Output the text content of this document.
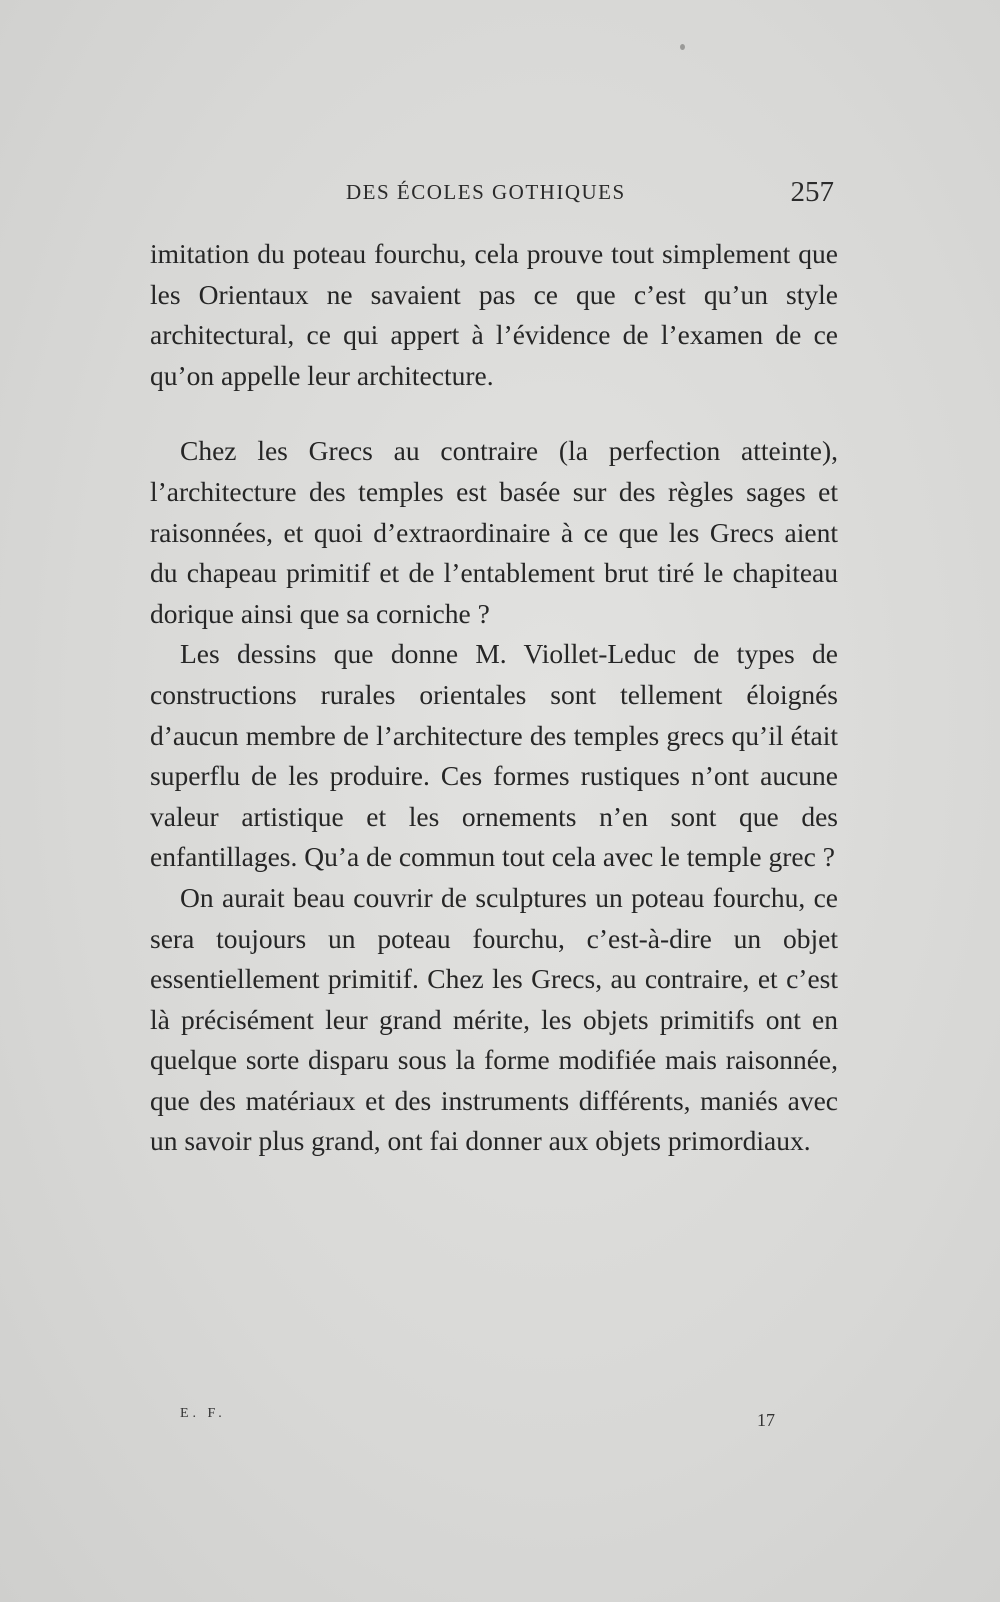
DES ÉCOLES GOTHIQUES	257

imitation du poteau fourchu, cela prouve tout simplement que les Orientaux ne savaient pas ce que c’est qu’un style architectural, ce qui appert à l’évidence de l’examen de ce qu’on appelle leur architecture.

Chez les Grecs au contraire (la perfection atteinte), l’architecture des temples est basée sur des règles sages et raisonnées, et quoi d’extraordinaire à ce que les Grecs aient du chapeau primitif et de l’entablement brut tiré le chapiteau dorique ainsi que sa corniche ?

Les dessins que donne M. Viollet-Leduc de types de constructions rurales orientales sont tellement éloignés d’aucun membre de l’architecture des temples grecs qu’il était superflu de les produire. Ces formes rustiques n’ont aucune valeur artistique et les ornements n’en sont que des enfantillages. Qu’a de commun tout cela avec le temple grec ?

On aurait beau couvrir de sculptures un poteau fourchu, ce sera toujours un poteau fourchu, c’est-à-dire un objet essentiellement primitif. Chez les Grecs, au contraire, et c’est là précisément leur grand mérite, les objets primitifs ont en quelque sorte disparu sous la forme modifiée mais raisonnée, que des matériaux et des instruments différents, maniés avec un savoir plus grand, ont fai donner aux objets primordiaux.

E. F.	17
